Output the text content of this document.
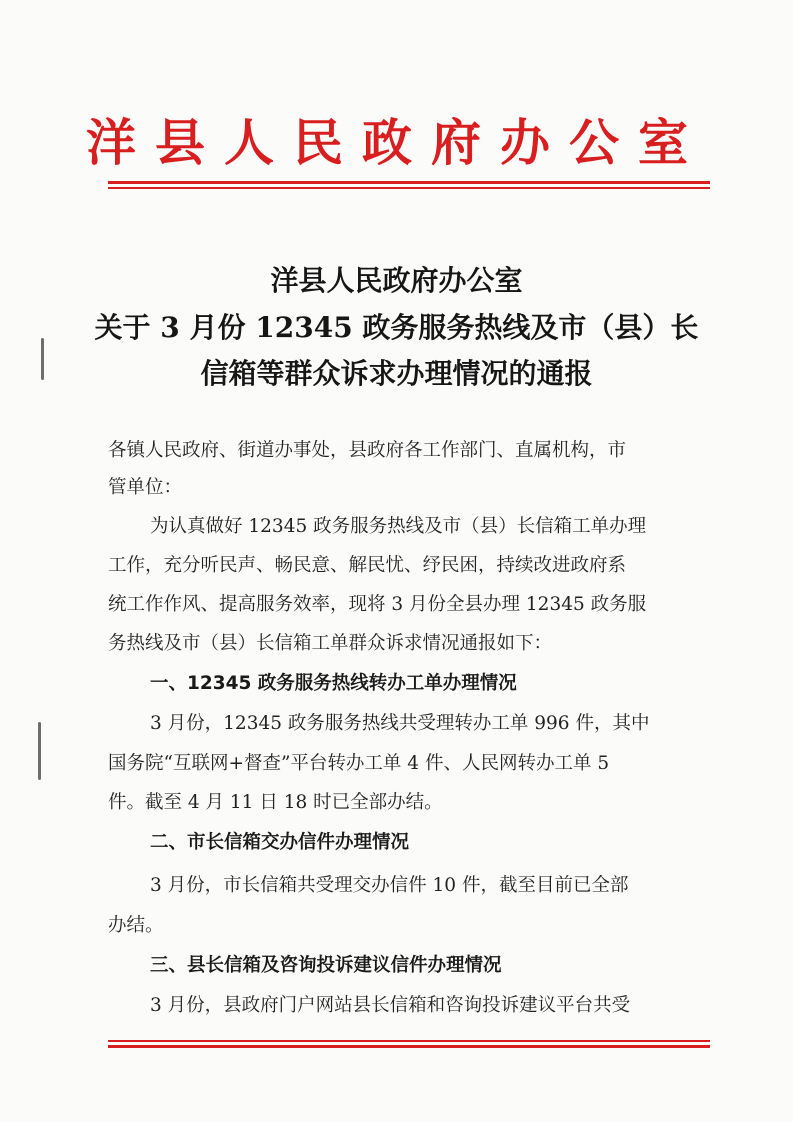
洋县人民政府办公室
洋县人民政府办公室
关于 3 月份 12345 政务服务热线及市（县）长
信箱等群众诉求办理情况的通报
各镇人民政府、街道办事处，县政府各工作部门、直属机构，市
管单位：
为认真做好 12345 政务服务热线及市（县）长信箱工单办理
工作，充分听民声、畅民意、解民忧、纾民困，持续改进政府系
统工作作风、提高服务效率，现将 3 月份全县办理 12345 政务服
务热线及市（县）长信箱工单群众诉求情况通报如下：
一、12345 政务服务热线转办工单办理情况
3 月份，12345 政务服务热线共受理转办工单 996 件，其中
国务院“互联网+督查”平台转办工单 4 件、人民网转办工单 5
件。截至 4 月 11 日 18 时已全部办结。
二、市长信箱交办信件办理情况
3 月份，市长信箱共受理交办信件 10 件，截至目前已全部
办结。
三、县长信箱及咨询投诉建议信件办理情况
3 月份，县政府门户网站县长信箱和咨询投诉建议平台共受
